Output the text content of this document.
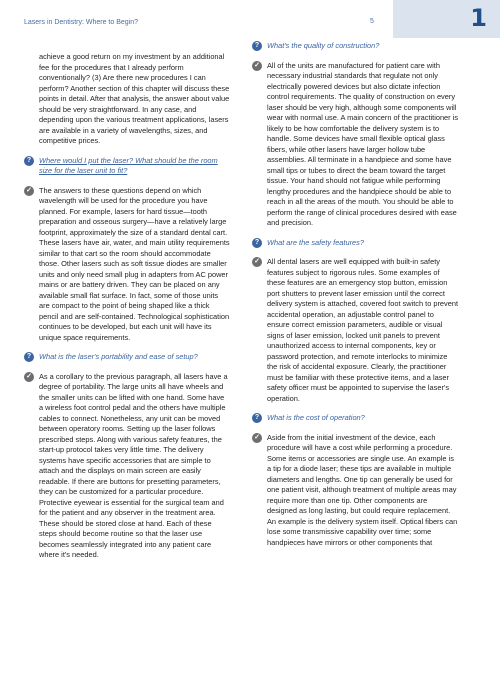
1
Lasers in Dentistry: Where to Begin?	5

achieve a good return on my investment by an additional fee for the procedures that I already perform conventionally? (3) Are there new procedures I can perform? Another section of this chapter will discuss these points in detail. After that analysis, the answer about value should be very straightforward. In any case, and depending upon the various treatment applications, lasers are available in a variety of wavelengths, sizes, and competitive prices.

?	Where would I put the laser? What should be the room size for the laser unit to fit?

✓ The answers to these questions depend on which wavelength will be used for the procedure you have planned. For example, lasers for hard tissue—tooth preparation and osseous surgery—have a relatively large footprint, approximately the size of a standard dental cart. These lasers have air, water, and main utility requirements similar to that cart so the room should accommodate those. Other lasers such as soft tissue diodes are smaller units and only need small plug in adapters from AC power mains or are battery driven. They can be placed on any available small flat surface. In fact, some of those units are compact to the point of being shaped like a thick pencil and are self-contained. Technological sophistication continues to be developed, but each unit will have its unique space requirements.

?	What is the laser's portability and ease of setup?

✓ As a corollary to the previous paragraph, all lasers have a degree of portability. The large units all have wheels and the smaller units can be lifted with one hand. Some have a wireless foot control pedal and the others have multiple cables to connect. Nonetheless, any unit can be moved between operatory rooms. Setting up the laser follows prescribed steps. Along with various safety features, the start-up protocol takes very little time. The delivery systems have specific accessories that are simple to attach and the displays on main screen are easily readable. If there are buttons for presetting parameters, they can be customized for a particular procedure. Protective eyewear is essential for the surgical team and for the patient and any observer in the treatment area. These should be stored close at hand. Each of these steps should become routine so that the laser use becomes seamlessly integrated into any patient care where it's needed.

?	What's the quality of construction?

✓ All of the units are manufactured for patient care with necessary industrial standards that regulate not only electrically powered devices but also dictate infection control requirements. The quality of construction on every laser should be very high, although some components will wear with normal use. A main concern of the practitioner is likely to be how comfortable the delivery system is to handle. Some devices have small flexible optical glass fibers, while other lasers have larger hollow tube assemblies. All terminate in a handpiece and some have small tips or tubes to direct the beam toward the target tissue. Your hand should not fatigue while performing lengthy procedures and the handpiece should be able to reach in all the areas of the mouth. You should be able to perform the range of clinical procedures desired with ease and precision.

?	What are the safety features?

✓ All dental lasers are well equipped with built-in safety features subject to rigorous rules. Some examples of these features are an emergency stop button, emission port shutters to prevent laser emission until the correct delivery system is attached, covered foot switch to prevent accidental operation, an adjustable control panel to ensure correct emission parameters, audible or visual signs of laser emission, locked unit panels to prevent unauthorized access to internal components, key or password protection, and remote interlocks to minimize the risk of accidental exposure. Clearly, the practitioner must be familiar with these protective items, and a laser safety officer must be appointed to supervise the laser's operation.

?	What is the cost of operation?

✓ Aside from the initial investment of the device, each procedure will have a cost while performing a procedure. Some items or accessories are single use. An example is a tip for a diode laser; these tips are available in multiple diameters and lengths. One tip can generally be used for one patient visit, although treatment of multiple areas may require more than one tip. Other components are designed as long lasting, but could require replacement. An example is the delivery system itself. Optical fibers can lose some transmissive capability over time; some handpieces have mirrors or other components that
